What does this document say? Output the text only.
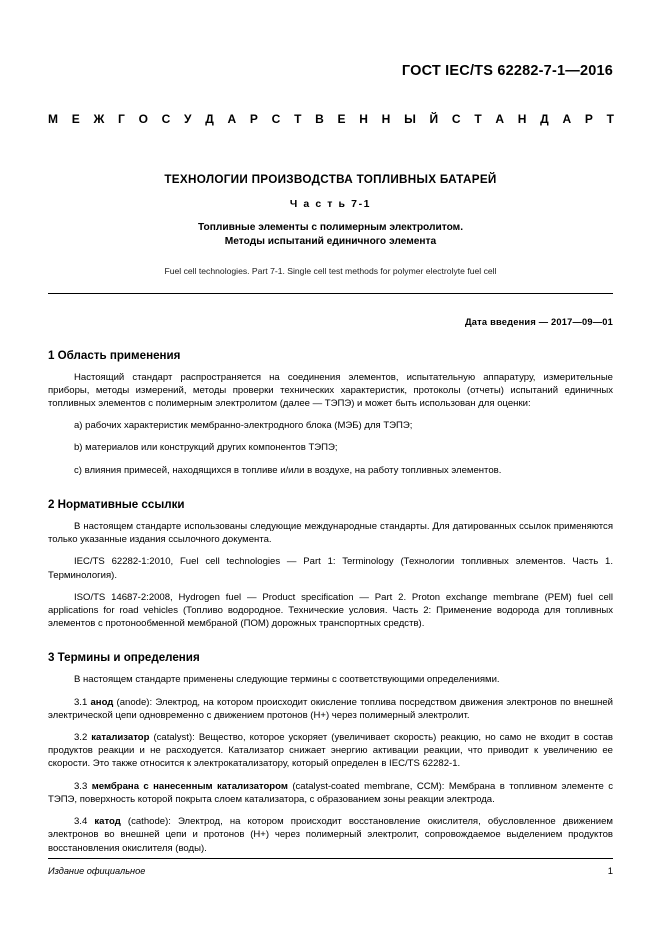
ГОСТ IEC/TS 62282-7-1—2016
М Е Ж Г О С У Д А Р С Т В Е Н Н Ы Й С Т А Н Д А Р Т
ТЕХНОЛОГИИ ПРОИЗВОДСТВА ТОПЛИВНЫХ БАТАРЕЙ
Ч а с т ь 7-1
Топливные элементы с полимерным электролитом.
Методы испытаний единичного элемента
Fuel cell technologies. Part 7-1. Single cell test methods for polymer electrolyte fuel cell
Дата введения — 2017—09—01
1 Область применения

Настоящий стандарт распространяется на соединения элементов, испытательную аппаратуру, измерительные приборы, методы измерений, методы проверки технических характеристик, протоколы (отчеты) испытаний единичных топливных элементов с полимерным электролитом (далее — ТЭПЭ) и может быть использован для оценки:

a) рабочих характеристик мембранно-электродного блока (МЭБ) для ТЭПЭ;

b) материалов или конструкций других компонентов ТЭПЭ;

c) влияния примесей, находящихся в топливе и/или в воздухе, на работу топливных элементов.

2 Нормативные ссылки

В настоящем стандарте использованы следующие международные стандарты. Для датированных ссылок применяются только указанные издания ссылочного документа.

IEC/TS 62282-1:2010, Fuel cell technologies — Part 1: Terminology (Технологии топливных элементов. Часть 1. Терминология).

ISO/TS 14687-2:2008, Hydrogen fuel — Product specification — Part 2. Proton exchange membrane (PEM) fuel cell applications for road vehicles (Топливо водородное. Технические условия. Часть 2: Применение водорода для топливных элементов с протонообменной мембраной (ПОМ) дорожных транспортных средств).

3 Термины и определения

В настоящем стандарте применены следующие термины с соответствующими определениями.

3.1 анод (anode): Электрод, на котором происходит окисление топлива посредством движения электронов по внешней электрической цепи одновременно с движением протонов (H+) через полимерный электролит.

3.2 катализатор (catalyst): Вещество, которое ускоряет (увеличивает скорость) реакцию, но само не входит в состав продуктов реакции и не расходуется. Катализатор снижает энергию активации реакции, что приводит к увеличению ее скорости. Это также относится к электрокатализатору, который определен в IEC/TS 62282-1.

3.3 мембрана с нанесенным катализатором (catalyst-coated membrane, CCM): Мембрана в топливном элементе с ТЭПЭ, поверхность которой покрыта слоем катализатора, с образованием зоны реакции электрода.

3.4 катод (cathode): Электрод, на котором происходит восстановление окислителя, обусловленное движением электронов во внешней цепи и протонов (H+) через полимерный электролит, сопровождаемое выделением продуктов восстановления окислителя (воды).

Издание официальное	1
